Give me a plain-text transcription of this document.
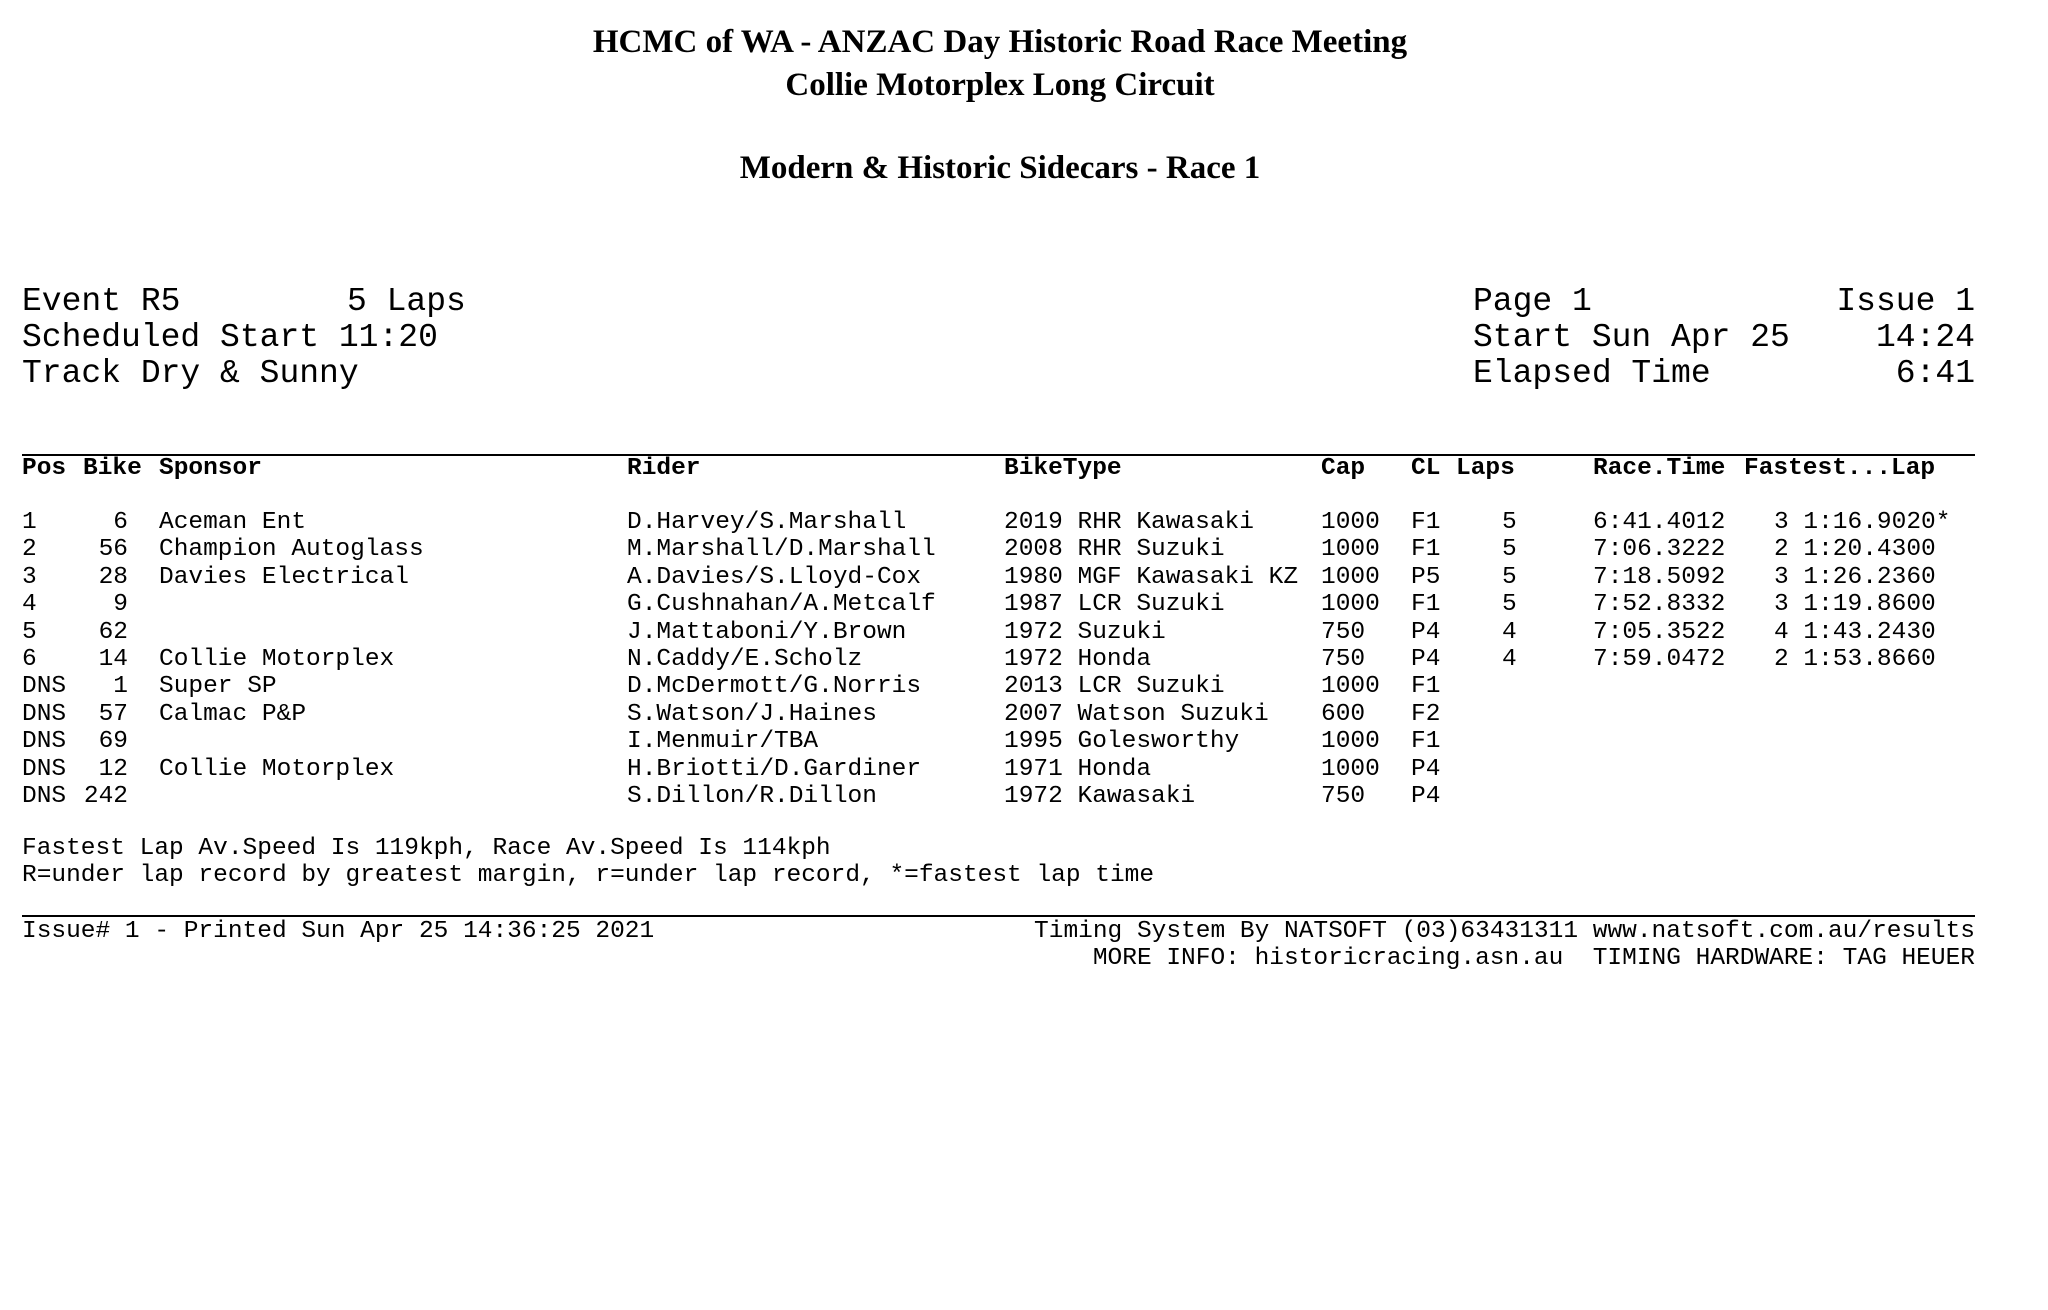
HCMC of WA - ANZAC Day Historic Road Race Meeting
Collie Motorplex Long Circuit
Modern & Historic Sidecars - Race 1

Event R5

	5 Laps

Scheduled Start 11:20

Track Dry & Sunny

Page 1

	Issue 1

Start Sun Apr 25

	14:24

Elapsed Time

	6:41

Pos Bike Sponsor	Rider	BikeType	Cap CL Laps	Race.Time Fastest...Lap
1	6 Aceman Ent	D.Harvey/S.Marshall	2019 RHR Kawasaki	1000 F1	5	6:41.4012 3 1:16.9020*
2	56 Champion Autoglass	M.Marshall/D.Marshall	2008 RHR Suzuki	1000 F1	5	7:06.3222 2 1:20.4300
3	28 Davies Electrical	A.Davies/S.Lloyd-Cox	1980 MGF Kawasaki KZ 1000 P5	5	7:18.5092 3 1:26.2360
4	9	G.Cushnahan/A.Metcalf	1987 LCR Suzuki	1000 F1	5	7:52.8332 3 1:19.8600
5	62	J.Mattaboni/Y.Brown	1972 Suzuki	750 P4	4	7:05.3522 4 1:43.2430
6	14 Collie Motorplex	N.Caddy/E.Scholz	1972 Honda	750 P4	4	7:59.0472 2 1:53.8660
DNS	1 Super SP	D.McDermott/G.Norris	2013 LCR Suzuki	1000 F1
DNS	57 Calmac P&P	S.Watson/J.Haines	2007 Watson Suzuki 600 F2
DNS	69	I.Menmuir/TBA	1995 Golesworthy	1000 F1
DNS	12 Collie Motorplex	H.Briotti/D.Gardiner	1971 Honda	1000 P4
DNS 242	S.Dillon/R.Dillon	1972 Kawasaki	750 P4
Fastest Lap Av.Speed Is 119kph, Race Av.Speed Is 114kph
R=under lap record by greatest margin, r=under lap record, *=fastest lap time
Issue# 1 - Printed Sun Apr 25 14:36:25 2021	Timing System By NATSOFT (03)63431311 www.natsoft.com.au/results
MORE INFO: historicracing.asn.au  TIMING HARDWARE: TAG HEUER
